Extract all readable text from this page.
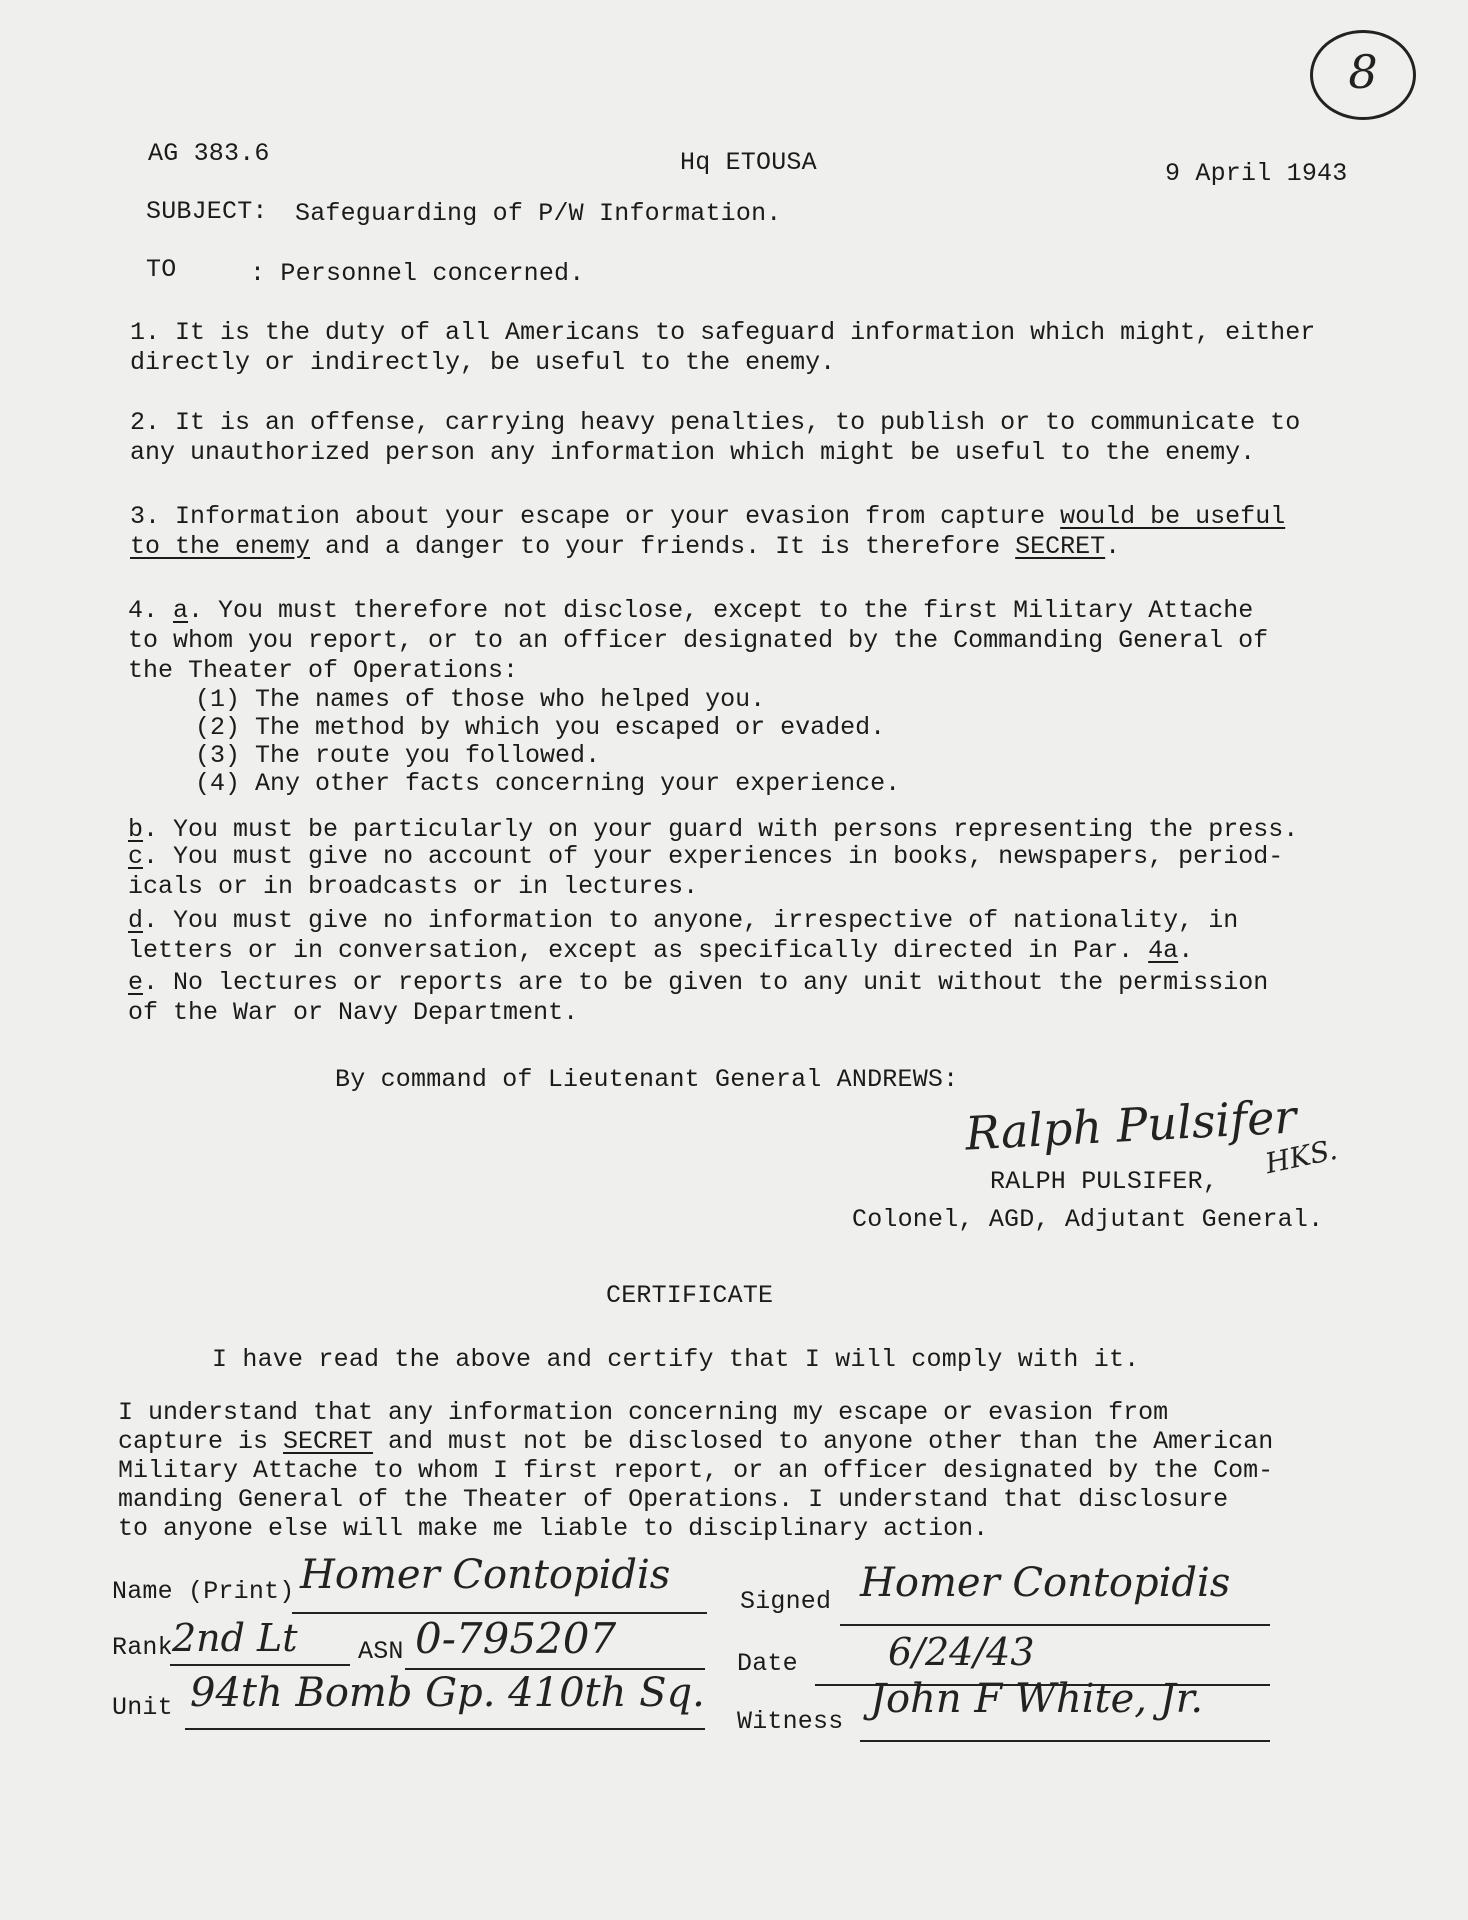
8
AG 383.6	Hq ETOUSA	9 April 1943
SUBJECT: Safeguarding of P/W Information.
TO	: Personnel concerned.
1. It is the duty of all Americans to safeguard information which might, either
directly or indirectly, be useful to the enemy.
2. It is an offense, carrying heavy penalties, to publish or to communicate to
any unauthorized person any information which might be useful to the enemy.
3. Information about your escape or your evasion from capture would be useful
to the enemy and a danger to your friends. It is therefore SECRET.
4. a. You must therefore not disclose, except to the first Military Attache
to whom you report, or to an officer designated by the Commanding General of
the Theater of Operations:
(1) The names of those who helped you.
(2) The method by which you escaped or evaded.
(3) The route you followed.
(4) Any other facts concerning your experience.
b. You must be particularly on your guard with persons representing the press.
c. You must give no account of your experiences in books, newspapers, period-
icals or in broadcasts or in lectures.
d. You must give no information to anyone, irrespective of nationality, in
letters or in conversation, except as specifically directed in Par. 4a.
e. No lectures or reports are to be given to any unit without the permission
of the War or Navy Department.
By command of Lieutenant General ANDREWS:
Ralph Pulsifer
HKS.
RALPH PULSIFER,
Colonel, AGD, Adjutant General.
CERTIFICATE
I have read the above and certify that I will comply with it.
I understand that any information concerning my escape or evasion from
capture is SECRET and must not be disclosed to anyone other than the American
Military Attache to whom I first report, or an officer designated by the Com-
manding General of the Theater of Operations. I understand that disclosure
to anyone else will make me liable to disciplinary action.
Name (Print) Homer Contopidis
Signed Homer Contopidis
Rank 2nd Lt ASN 0-795207
Date 6/24/43
Unit 94th Bomb Gp. 410th Sq.
Witness John F White, Jr.
